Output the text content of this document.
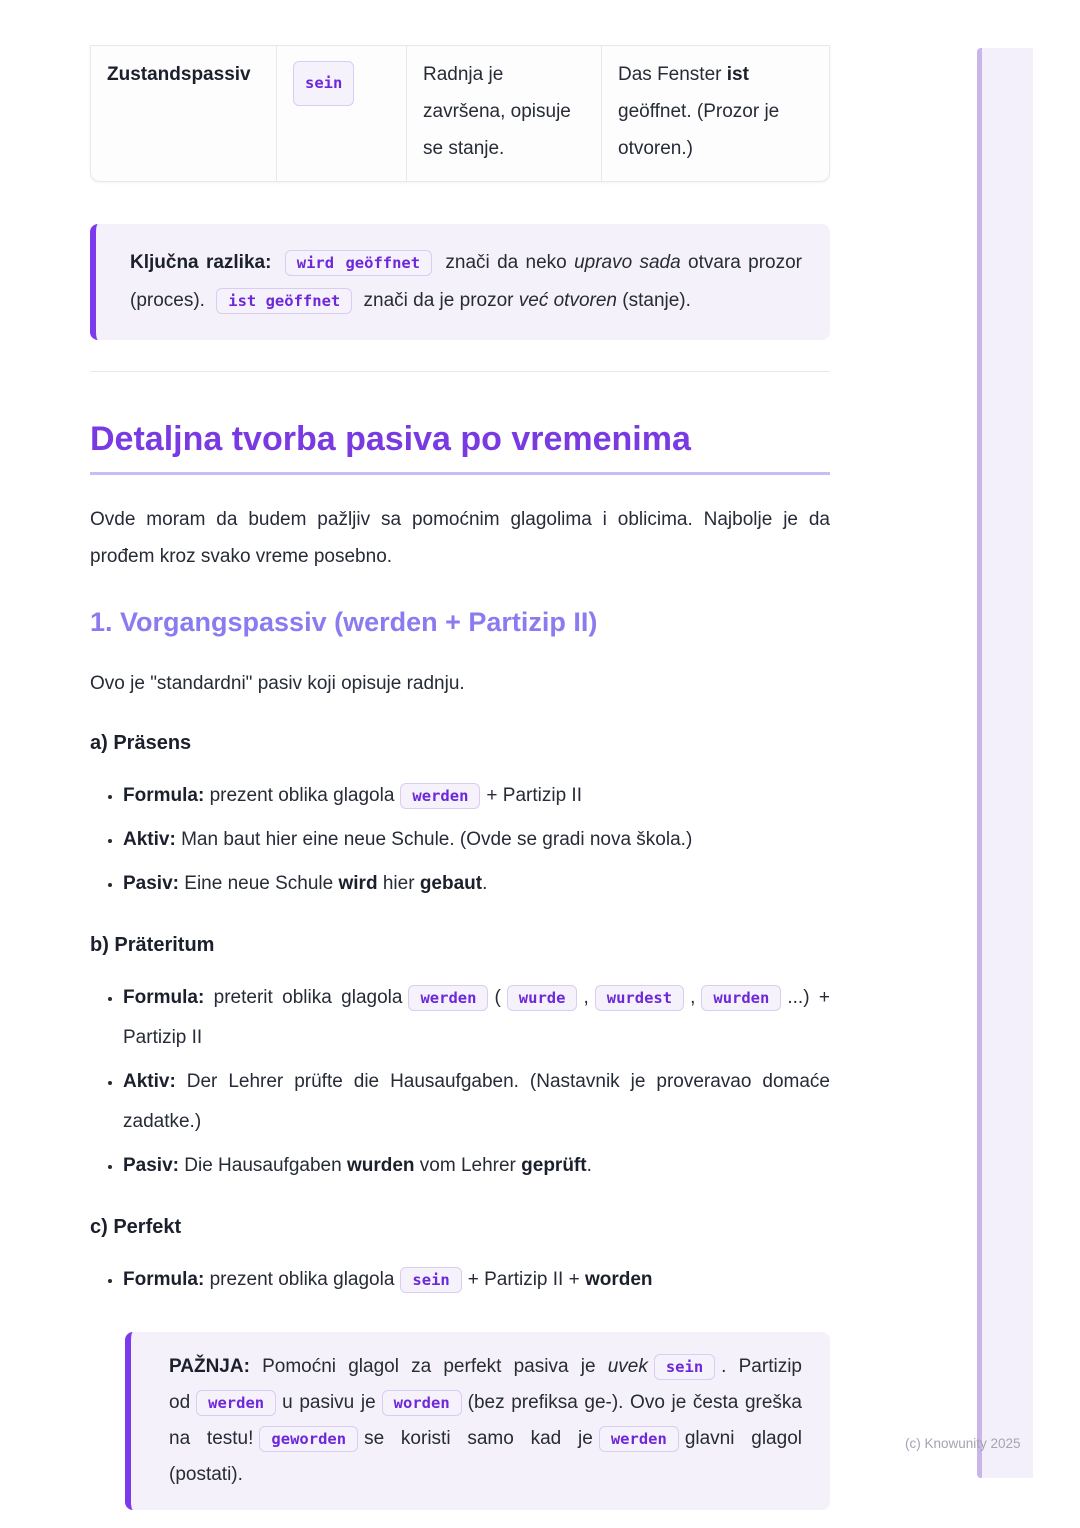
Zustandspassiv	sein	Radnja je završena, opisuje se stanje.
Das Fenster ist geöffnet. (Prozor je otvoren.)
Ključna razlika: wird geöffnet znači da neko upravo sada otvara prozor (proces). ist geöffnet znači da je prozor već otvoren (stanje).
Detaljna tvorba pasiva po vremenima

Ovde moram da budem pažljiv sa pomoćnim glagolima i oblicima. Najbolje je da prođem kroz svako vreme posebno.

1. Vorgangspassiv (werden + Partizip II)

Ovo je "standardni" pasiv koji opisuje radnju.

a) Präsens
• Formula: prezent oblika glagola werden + Partizip II
• Aktiv: Man baut hier eine neue Schule. (Ovde se gradi nova škola.)
• Pasiv: Eine neue Schule wird hier gebaut.
b) Präteritum
• Formula: preterit oblika glagola werden ( wurde , wurdest , wurden ...) + Partizip II
• Aktiv: Der Lehrer prüfte die Hausaufgaben. (Nastavnik je proveravao domaće zadatke.)
• Pasiv: Die Hausaufgaben wurden vom Lehrer geprüft.
c) Perfekt
• Formula: prezent oblika glagola sein + Partizip II + worden
PAŽNJA: Pomoćni glagol za perfekt pasiva je uvek sein . Partizip od werden u pasivu je worden (bez prefiksa ge-). Ovo je česta greška na testu! geworden se koristi samo kad je werden glavni glagol (postati).
(c) Knowunity 2025
